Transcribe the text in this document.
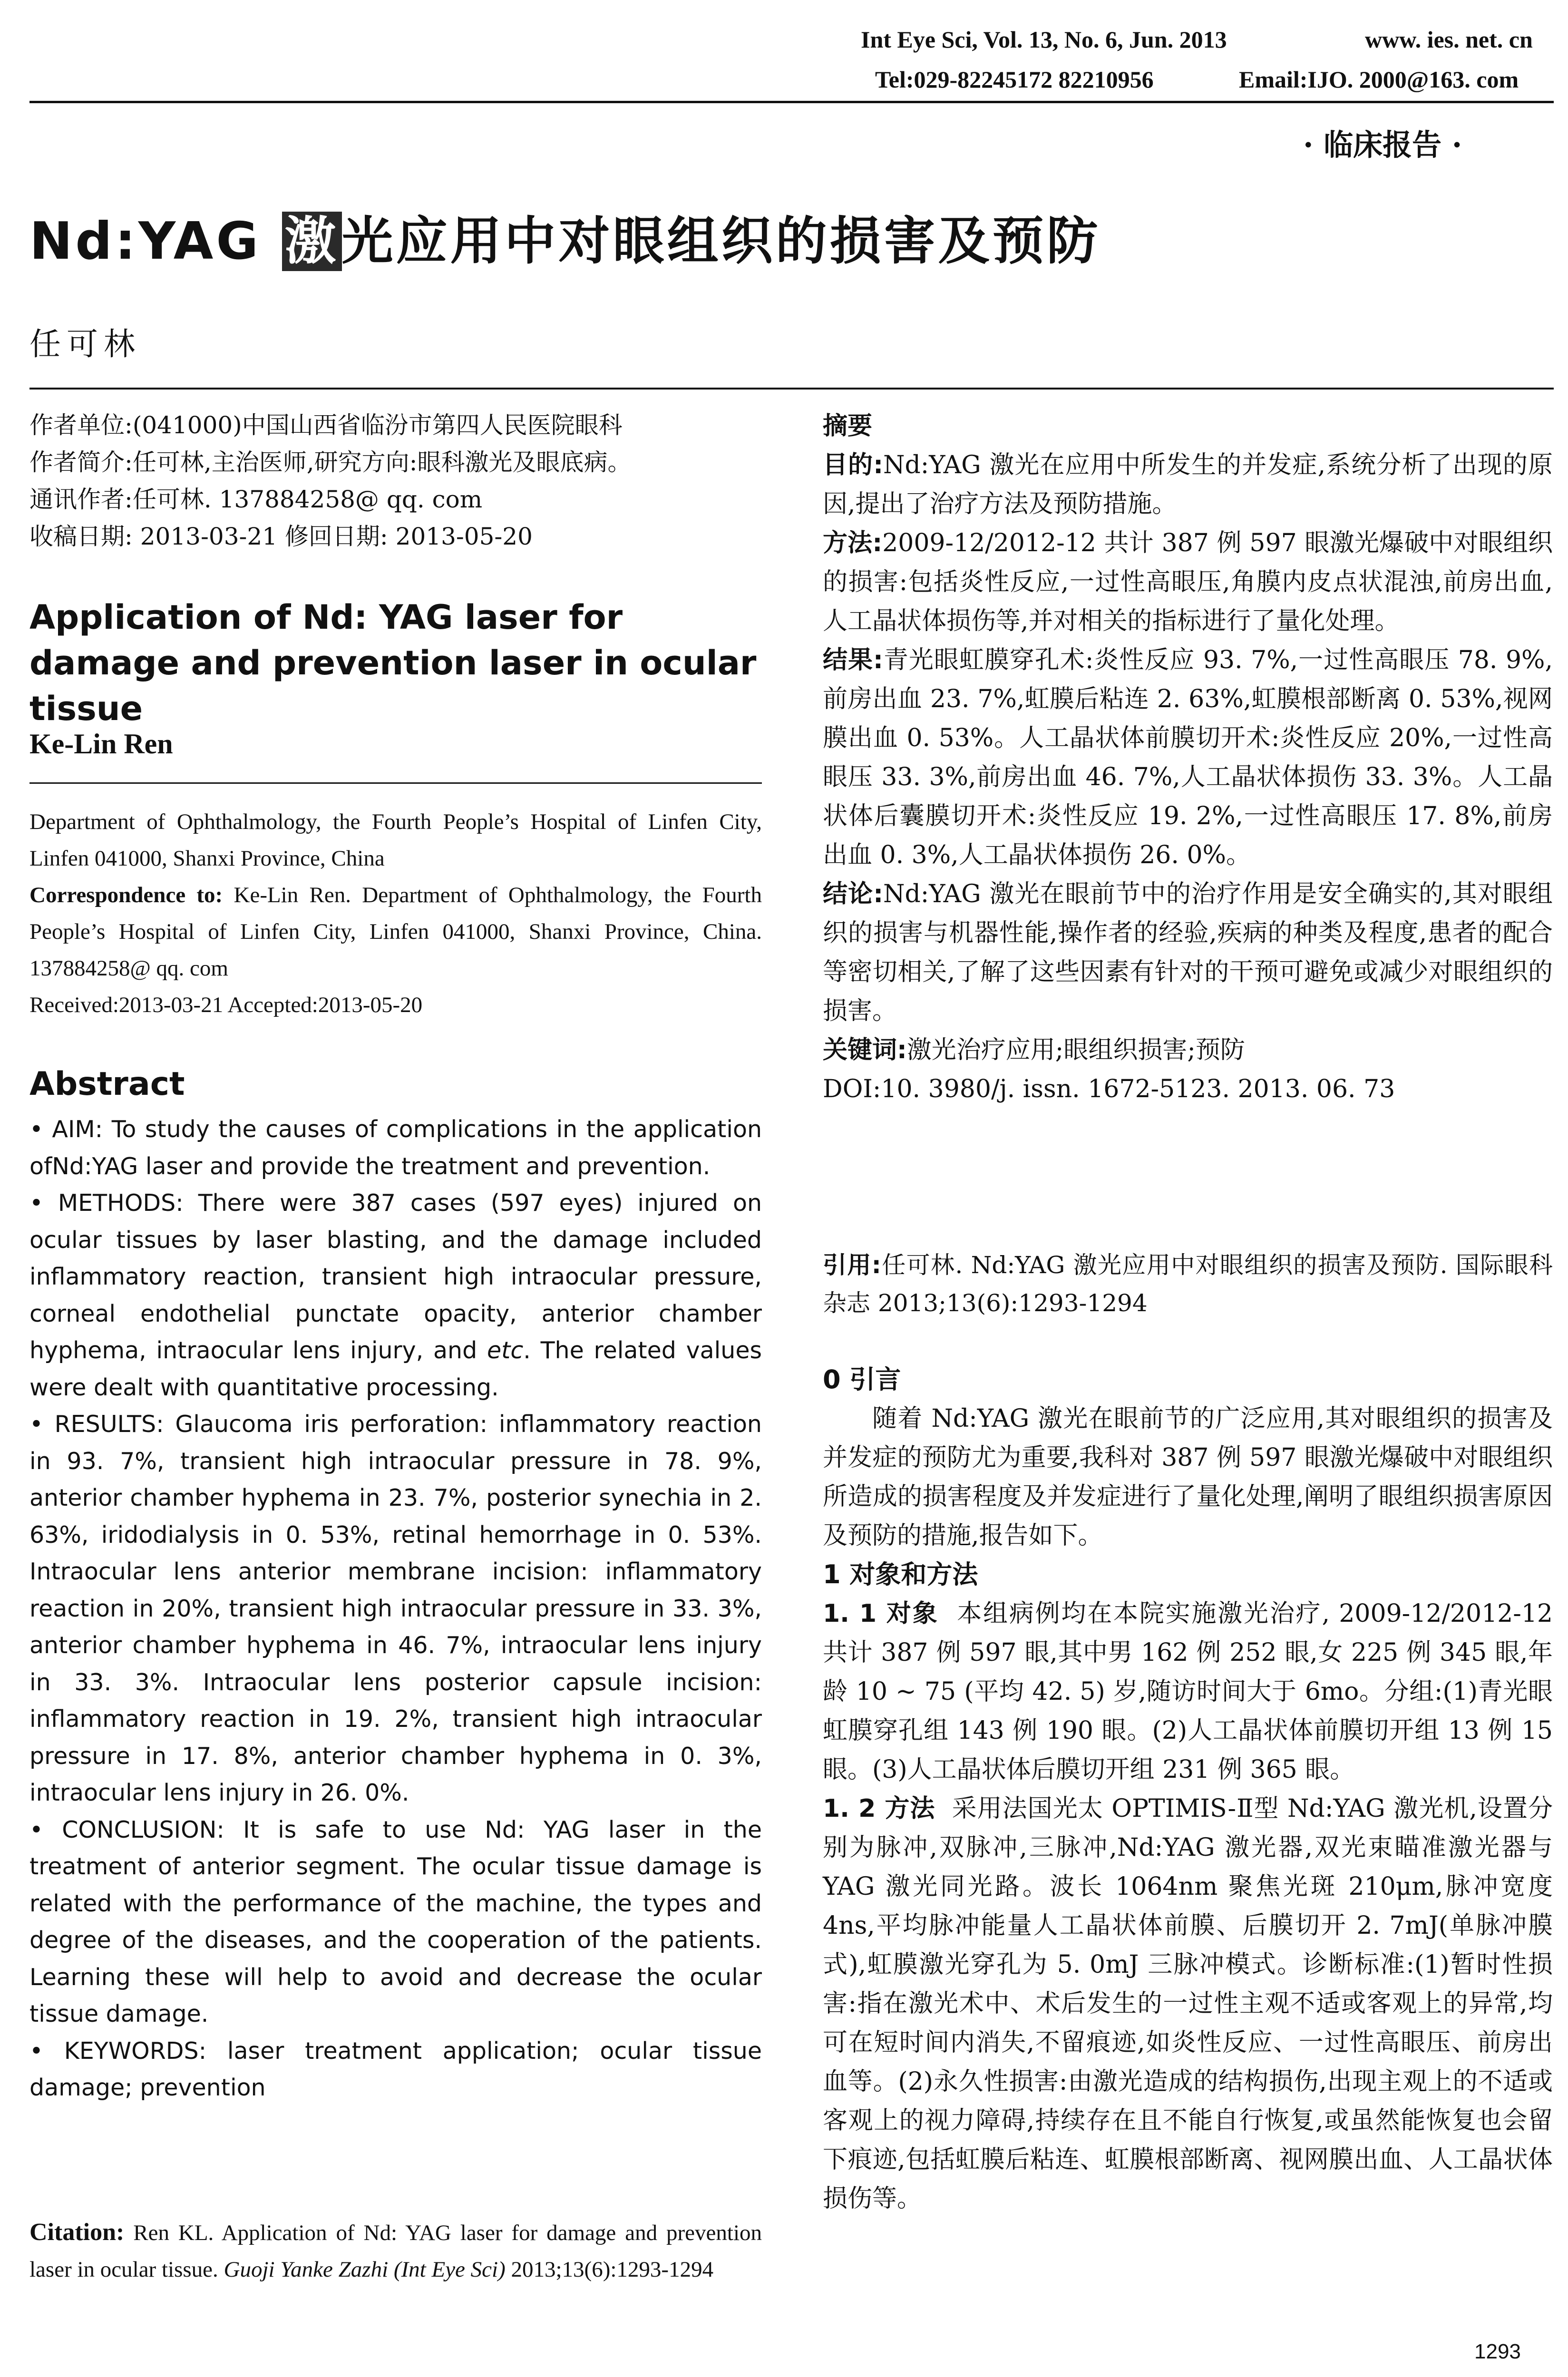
Int Eye Sci, Vol. 13, No. 6, Jun. 2013	www. ies. net. cn
Tel:029-82245172 82210956	Email:IJO. 2000@163. com
· 临床报告 ·
Nd:YAG 激光应用中对眼组织的损害及预防
任可林
作者单位:(041000)中国山西省临汾市第四人民医院眼科
作者简介:任可林,主治医师,研究方向:眼科激光及眼底病。
通讯作者:任可林. 137884258@ qq. com
收稿日期: 2013-03-21 修回日期: 2013-05-20
Application of Nd: YAG laser for damage and prevention laser in ocular tissue
Ke-Lin Ren
Department of Ophthalmology, the Fourth People’s Hospital of Linfen City, Linfen 041000, Shanxi Province, China
Correspondence to: Ke-Lin Ren. Department of Ophthalmology, the Fourth People’s Hospital of Linfen City, Linfen 041000, Shanxi Province, China. 137884258@ qq. com
Received:2013-03-21 Accepted:2013-05-20
Abstract
• AIM: To study the causes of complications in the application ofNd:YAG laser and provide the treatment and prevention.
• METHODS: There were 387 cases (597 eyes) injured on ocular tissues by laser blasting, and the damage included inflammatory reaction, transient high intraocular pressure, corneal endothelial punctate opacity, anterior chamber hyphema, intraocular lens injury, and etc. The related values were dealt with quantitative processing.
• RESULTS: Glaucoma iris perforation: inflammatory reaction in 93. 7%, transient high intraocular pressure in 78. 9%, anterior chamber hyphema in 23. 7%, posterior synechia in 2. 63%, iridodialysis in 0. 53%, retinal hemorrhage in 0. 53%. Intraocular lens anterior membrane incision: inflammatory reaction in 20%, transient high intraocular pressure in 33. 3%, anterior chamber hyphema in 46. 7%, intraocular lens injury in 33. 3%. Intraocular lens posterior capsule incision: inflammatory reaction in 19. 2%, transient high intraocular pressure in 17. 8%, anterior chamber hyphema in 0. 3%, intraocular lens injury in 26. 0%.
• CONCLUSION: It is safe to use Nd: YAG laser in the treatment of anterior segment. The ocular tissue damage is related with the performance of the machine, the types and degree of the diseases, and the cooperation of the patients. Learning these will help to avoid and decrease the ocular tissue damage.
• KEYWORDS: laser treatment application; ocular tissue damage; prevention
Citation: Ren KL. Application of Nd: YAG laser for damage and prevention laser in ocular tissue. Guoji Yanke Zazhi (Int Eye Sci) 2013;13(6):1293-1294
摘要
目的:Nd:YAG 激光在应用中所发生的并发症,系统分析了出现的原因,提出了治疗方法及预防措施。
方法:2009-12/2012-12 共计 387 例 597 眼激光爆破中对眼组织的损害:包括炎性反应,一过性高眼压,角膜内皮点状混浊,前房出血,人工晶状体损伤等,并对相关的指标进行了量化处理。
结果:青光眼虹膜穿孔术:炎性反应 93. 7%,一过性高眼压 78. 9%,前房出血 23. 7%,虹膜后粘连 2. 63%,虹膜根部断离 0. 53%,视网膜出血 0. 53%。人工晶状体前膜切开术:炎性反应 20%,一过性高眼压 33. 3%,前房出血 46. 7%,人工晶状体损伤 33. 3%。人工晶状体后囊膜切开术:炎性反应 19. 2%,一过性高眼压 17. 8%,前房出血 0. 3%,人工晶状体损伤 26. 0%。
结论:Nd:YAG 激光在眼前节中的治疗作用是安全确实的,其对眼组织的损害与机器性能,操作者的经验,疾病的种类及程度,患者的配合等密切相关,了解了这些因素有针对的干预可避免或减少对眼组织的损害。
关键词:激光治疗应用;眼组织损害;预防
DOI:10. 3980/j. issn. 1672-5123. 2013. 06. 73
引用:任可林. Nd:YAG 激光应用中对眼组织的损害及预防. 国际眼科杂志 2013;13(6):1293-1294
0 引言
随着 Nd:YAG 激光在眼前节的广泛应用,其对眼组织的损害及并发症的预防尤为重要,我科对 387 例 597 眼激光爆破中对眼组织所造成的损害程度及并发症进行了量化处理,阐明了眼组织损害原因及预防的措施,报告如下。
1 对象和方法
1. 1 对象 本组病例均在本院实施激光治疗, 2009-12/2012-12 共计 387 例 597 眼,其中男 162 例 252 眼,女 225 例 345 眼,年龄 10 ~ 75 (平均 42. 5) 岁,随访时间大于 6mo。分组:(1)青光眼虹膜穿孔组 143 例 190 眼。(2)人工晶状体前膜切开组 13 例 15 眼。(3)人工晶状体后膜切开组 231 例 365 眼。
1. 2 方法 采用法国光太 OPTIMIS-Ⅱ型 Nd:YAG 激光机,设置分别为脉冲,双脉冲,三脉冲,Nd:YAG 激光器,双光束瞄准激光器与 YAG 激光同光路。波长 1064nm 聚焦光斑 210μm,脉冲宽度 4ns,平均脉冲能量人工晶状体前膜、后膜切开 2. 7mJ(单脉冲膜式),虹膜激光穿孔为 5. 0mJ 三脉冲模式。诊断标准:(1)暂时性损害:指在激光术中、术后发生的一过性主观不适或客观上的异常,均可在短时间内消失,不留痕迹,如炎性反应、一过性高眼压、前房出血等。(2)永久性损害:由激光造成的结构损伤,出现主观上的不适或客观上的视力障碍,持续存在且不能自行恢复,或虽然能恢复也会留下痕迹,包括虹膜后粘连、虹膜根部断离、视网膜出血、人工晶状体损伤等。
1293
